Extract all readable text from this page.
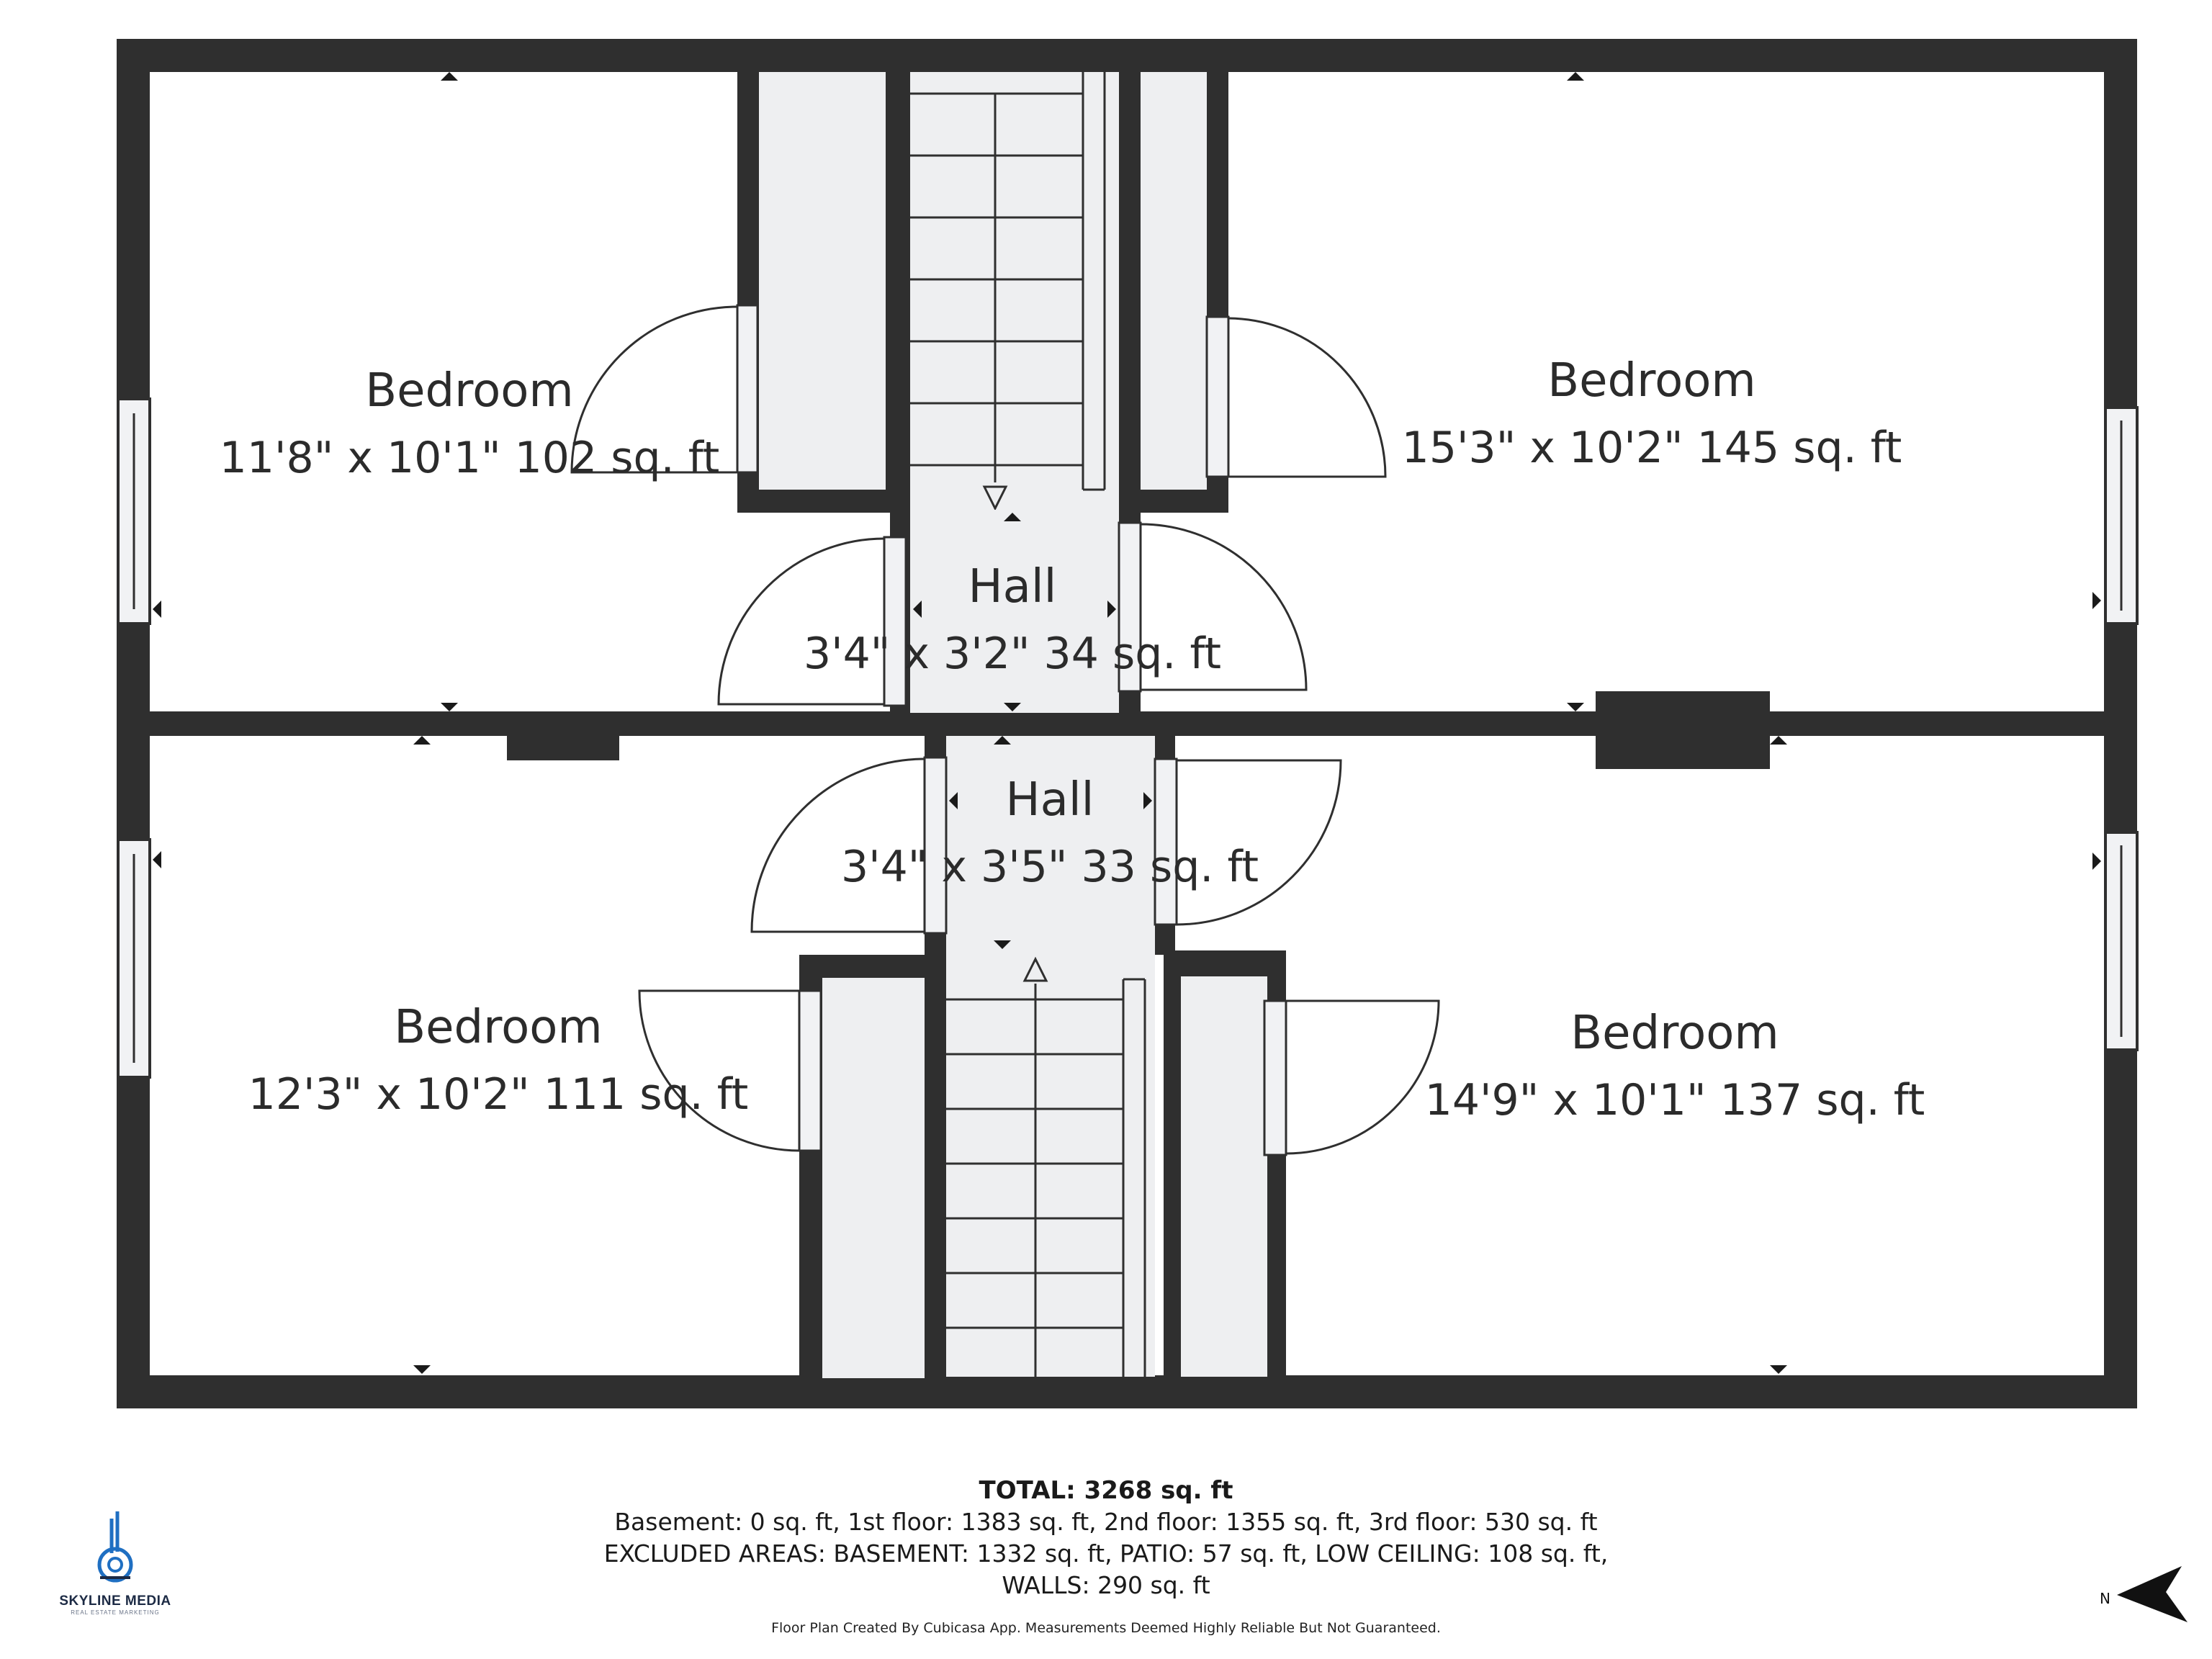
Bedroom
11'8" x 10'1" 102 sq. ft
Bedroom
15'3" x 10'2" 145 sq. ft
Hall
3'4" x 3'2" 34 sq. ft
Hall
3'4" x 3'5" 33 sq. ft
Bedroom
12'3" x 10'2" 111 sq. ft
Bedroom
14'9" x 10'1" 137 sq. ft
TOTAL: 3268 sq. ft
Basement: 0 sq. ft, 1st floor: 1383 sq. ft, 2nd floor: 1355 sq. ft, 3rd floor: 530 sq. ft
EXCLUDED AREAS: BASEMENT: 1332 sq. ft, PATIO: 57 sq. ft, LOW CEILING: 108 sq. ft,
WALLS: 290 sq. ft
Floor Plan Created By Cubicasa App. Measurements Deemed Highly Reliable But Not Guaranteed.
SKYLINE MEDIA
REAL ESTATE MARKETING
N
